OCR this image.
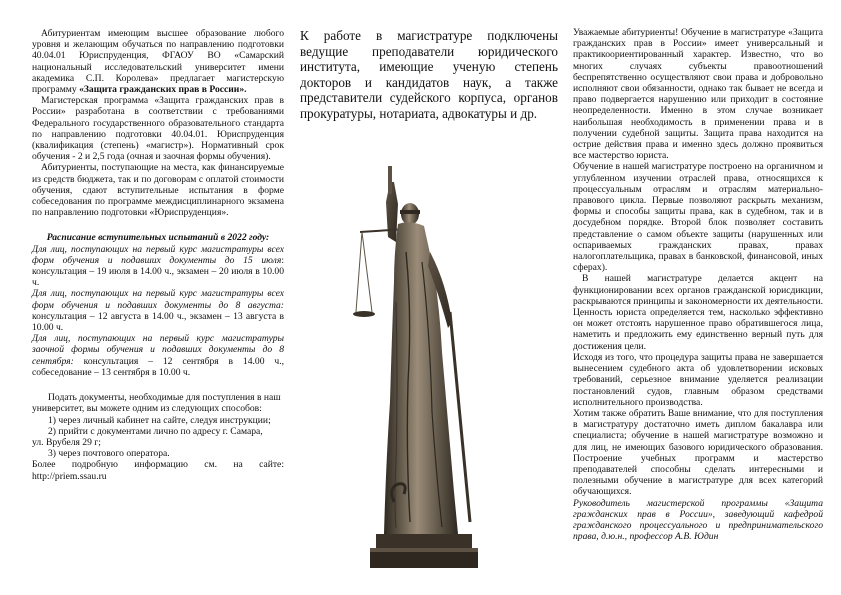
Абитуриентам имеющим высшее образование любого уровня и желающим обучаться по направлению подготовки 40.04.01 Юриспруденция, ФГАОУ ВО «Самарский национальный исследовательский университет имени академика С.П. Королева» предлагает магистерскую программу «Защита гражданских прав в России».

Магистерская программа «Защита гражданских прав в России» разработана в соответствии с требованиями Федерального государственного образовательного стандарта по направлению подготовки 40.04.01. Юриспруденция (квалификация (степень) «магистр»). Нормативный срок обучения - 2 и 2,5 года (очная и заочная формы обучения).

Абитуриенты, поступающие на места, как финансируемые из средств бюджета, так и по договорам с оплатой стоимости обучения, сдают вступительные испытания в форме собеседования по программе междисциплинарного экзамена по направлению подготовки «Юриспруденция».

Расписание вступительных испытаний в 2022 году:

Для лиц, поступающих на первый курс магистратуры всех форм обучения и подавших документы до 15 июля: консультация – 19 июля в 14.00 ч., экзамен – 20 июля в 10.00 ч.

Для лиц, поступающих на первый курс магистратуры всех форм обучения и подавших документы до 8 августа: консультация – 12 августа в 14.00 ч., экзамен – 13 августа в 10.00 ч.

Для лиц, поступающих на первый курс магистратуры заочной формы обучения и подавших документы до 8 сентября: консультация – 12 сентября в 14.00 ч., собеседование – 13 сентября в 10.00 ч.

Подать документы, необходимые для поступления в наш университет, вы можете одним из следующих способов:

1) через личный кабинет на сайте, следуя инструкции;

2) прийти с документами лично по адресу г. Самара,

ул. Врубеля 29 г;

3) через почтового оператора.

Более подробную информацию см. на сайте: http://priem.ssau.ru

К работе в магистратуре подключены ведущие преподаватели юридического института, имеющие ученую степень докторов и кандидатов наук, а также представители судейского корпуса, органов прокуратуры, нотариата, адвокатуры и др.

Уважаемые абитуриенты! Обучение в магистратуре «Защита гражданских прав в России» имеет универсальный и практикоориентированный характер. Известно, что во многих случаях субъекты правоотношений беспрепятственно осуществляют свои права и добровольно исполняют свои обязанности, однако так бывает не всегда и право подвергается нарушению или приходит в состояние неопределенности. Именно в этом случае возникает наибольшая необходимость в применении права и в получении судебной защиты. Защита права находится на острие действия права и именно здесь должно проявиться все мастерство юриста.

Обучение в нашей магистратуре построено на органичном и углубленном изучении отраслей права, относящихся к процессуальным отраслям и отраслям материально-правового цикла. Первые позволяют раскрыть механизм, формы и способы защиты права, как в судебном, так и в досудебном порядке. Второй блок позволяет составить представление о самом объекте защиты (нарушенных или оспариваемых гражданских правах, правах налогоплательщика, правах в банковской, финансовой, иных сферах).

В нашей магистратуре делается акцент на функционировании всех органов гражданской юрисдикции, раскрываются принципы и закономерности их деятельности. Ценность юриста определяется тем, насколько эффективно он может отстоять нарушенное право обратившегося лица, наметить и предложить ему единственно верный путь для достижения цели.

Исходя из того, что процедура защиты права не завершается вынесением судебного акта об удовлетворении исковых требований, серьезное внимание уделяется реализации постановлений судов, главным образом средствами исполнительного производства.

Хотим также обратить Ваше внимание, что для поступления в магистратуру достаточно иметь диплом бакалавра или специалиста; обучение в нашей магистратуре возможно и для лиц, не имеющих базового юридического образования. Построение учебных программ и мастерство преподавателей способны сделать интересными и полезными обучение в магистратуре для всех категорий обучающихся.

Руководитель магистерской программы «Защита гражданских прав в России», заведующий кафедрой гражданского процессуального и предпринимательского права, д.ю.н., профессор А.В. Юдин
